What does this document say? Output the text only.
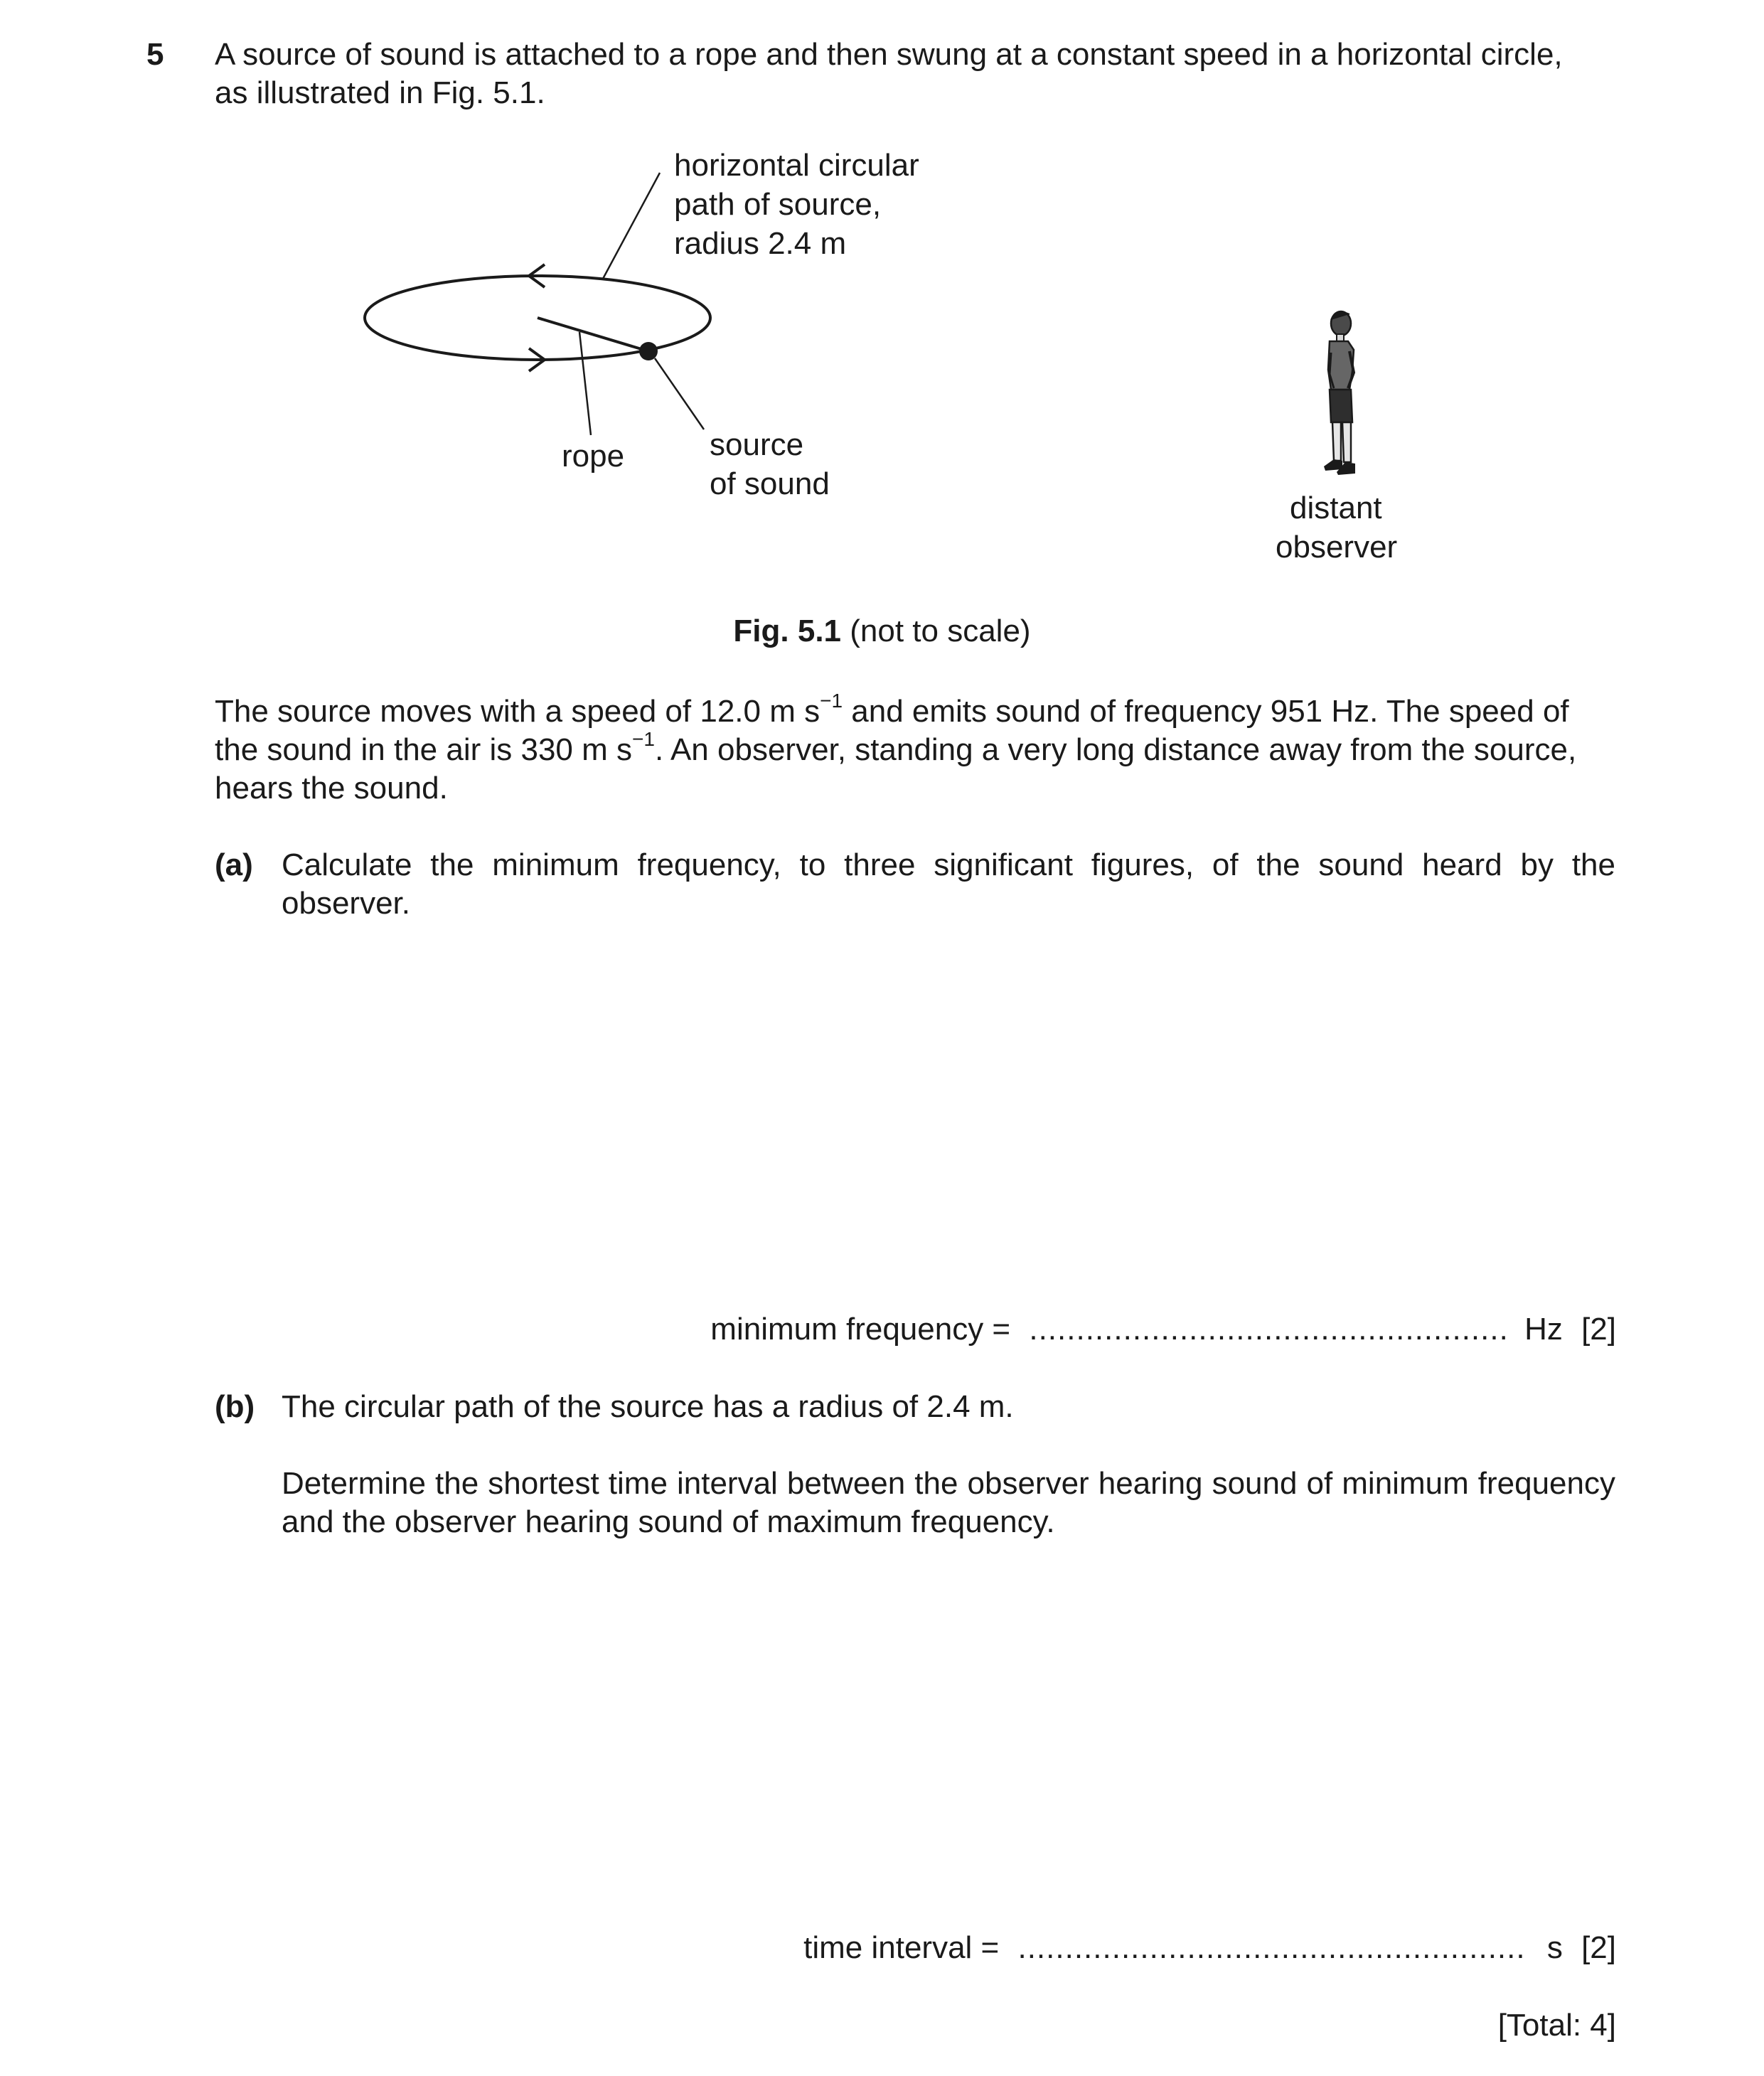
5 A source of sound is attached to a rope and then swung at a constant speed in a horizontal circle,
as illustrated in Fig. 5.1.
horizontal circular
path of source,
radius 2.4 m
rope	source
of sound
distant
observer
Fig. 5.1 (not to scale)
The source moves with a speed of 12.0 m $s^{-1}$ and emits sound of frequency 951 Hz. The speed of
the sound in the air is 330 m $s^{-1}$. An observer, standing a very long distance away from the source,
hears the sound.
(a) Calculate the minimum frequency, to three significant figures, of the sound heard by the observer.
minimum frequency = ................................................... Hz [2]
(b) The circular path of the source has a radius of 2.4 m.
Determine the shortest time interval between the observer hearing sound of minimum frequency and the observer hearing sound of maximum frequency.
time interval = ...................................................... s [2]
[Total: 4]
